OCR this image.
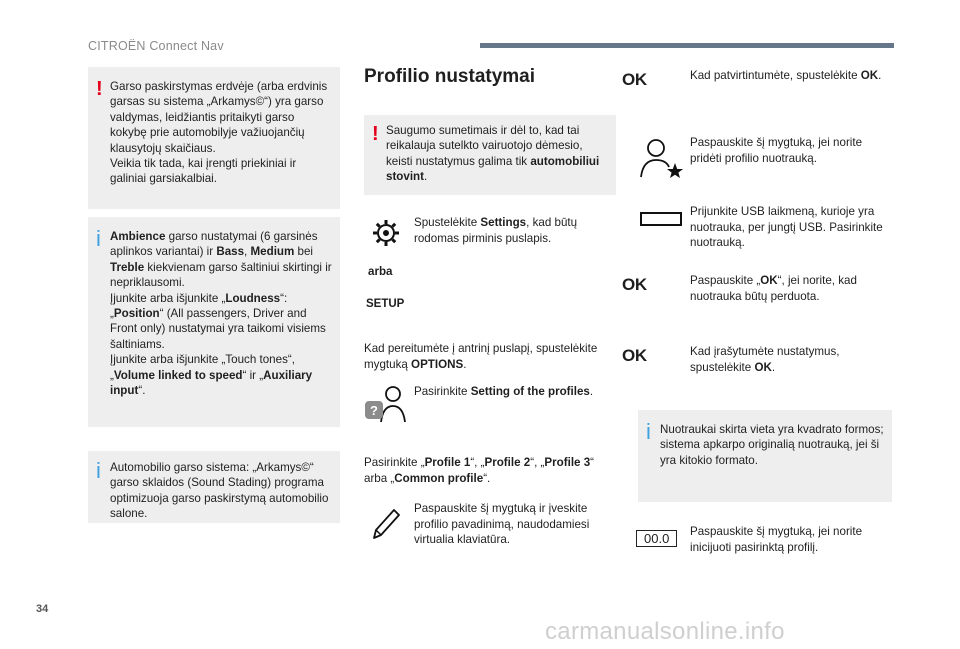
CITROËN Connect Nav
! Garso paskirstymas erdvėje (arba erdvinis garsas su sistema „Arkamys©“) yra garso valdymas, leidžiantis pritaikyti garso kokybę prie automobilyje važiuojančių klausytojų skaičiaus.
Veikia tik tada, kai įrengti priekiniai ir galiniai garsiakalbiai.
i Ambience garso nustatymai (6 garsinės aplinkos variantai) ir Bass, Medium bei Treble kiekvienam garso šaltiniui skirtingi ir nepriklausomi.
Įjunkite arba išjunkite „Loudness“: „Position“ (All passengers, Driver and Front only) nustatymai yra taikomi visiems šaltiniams.
Įjunkite arba išjunkite „Touch tones“, „Volume linked to speed“ ir „Auxiliary input“.
i Automobilio garso sistema: „Arkamys©“ garso sklaidos (Sound Stading) programa optimizuoja garso paskirstymą automobilio salone.
Profilio nustatymai
! Saugumo sumetimais ir dėl to, kad tai reikalauja sutelkto vairuotojo dėmesio, keisti nustatymus galima tik automobiliui stovint.
Spustelėkite Settings, kad būtų rodomas pirminis puslapis.
arba
SETUP
Kad pereitumėte į antrinį puslapį, spustelėkite mygtuką OPTIONS.
?
Pasirinkite Setting of the profiles.
Pasirinkite „Profile 1“, „Profile 2“, „Profile 3“ arba „Common profile“.
Paspauskite šį mygtuką ir įveskite profilio pavadinimą, naudodamiesi virtualia klaviatūra.
OK	Kad patvirtintumėte, spustelėkite OK.
Paspauskite šį mygtuką, jei norite pridėti profilio nuotrauką.
Prijunkite USB laikmeną, kurioje yra nuotrauka, per jungtį USB. Pasirinkite nuotrauką.
OK	Paspauskite „OK“, jei norite, kad nuotrauka būtų perduota.
OK	Kad įrašytumėte nustatymus, spustelėkite OK.
i Nuotraukai skirta vieta yra kvadrato formos; sistema apkarpo originalią nuotrauką, jei ši yra kitokio formato.
00.0	Paspauskite šį mygtuką, jei norite inicijuoti pasirinktą profilį.
34
carmanualsonline.info
